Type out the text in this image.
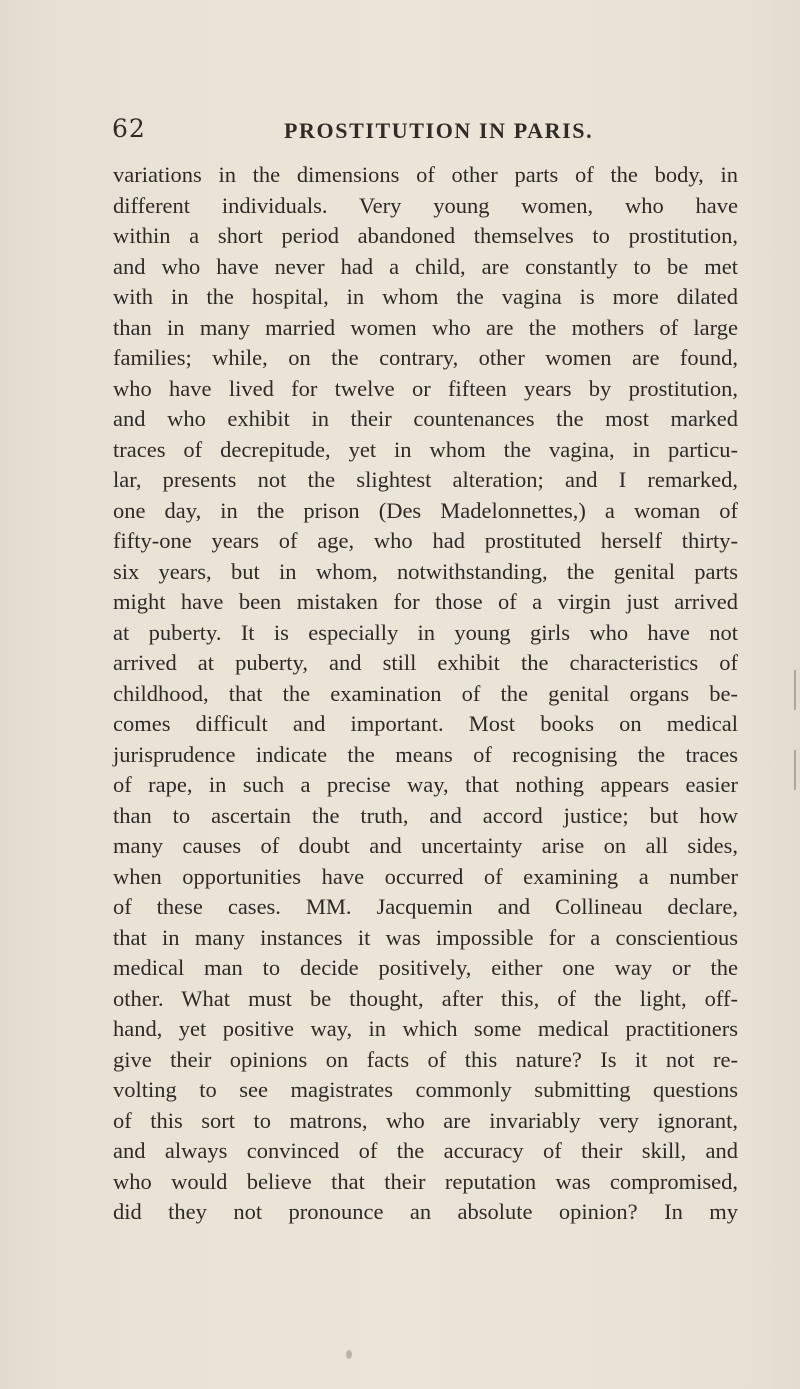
62	PROSTITUTION IN PARIS.
variations in the dimensions of other parts of the body, in
different individuals. Very young women, who have
within a short period abandoned themselves to prostitution,
and who have never had a child, are constantly to be met
with in the hospital, in whom the vagina is more dilated
than in many married women who are the mothers of large
families; while, on the contrary, other women are found,
who have lived for twelve or fifteen years by prostitution,
and who exhibit in their countenances the most marked
traces of decrepitude, yet in whom the vagina, in particu-
lar, presents not the slightest alteration; and I remarked,
one day, in the prison (Des Madelonnettes,) a woman of
fifty-one years of age, who had prostituted herself thirty-
six years, but in whom, notwithstanding, the genital parts
might have been mistaken for those of a virgin just arrived
at puberty. It is especially in young girls who have not
arrived at puberty, and still exhibit the characteristics of
childhood, that the examination of the genital organs be-
comes difficult and important. Most books on medical
jurisprudence indicate the means of recognising the traces
of rape, in such a precise way, that nothing appears easier
than to ascertain the truth, and accord justice; but how
many causes of doubt and uncertainty arise on all sides,
when opportunities have occurred of examining a number
of these cases. MM. Jacquemin and Collineau declare,
that in many instances it was impossible for a conscientious
medical man to decide positively, either one way or the
other. What must be thought, after this, of the light, off-
hand, yet positive way, in which some medical practitioners
give their opinions on facts of this nature? Is it not re-
volting to see magistrates commonly submitting questions
of this sort to matrons, who are invariably very ignorant,
and always convinced of the accuracy of their skill, and
who would believe that their reputation was compromised,
did they not pronounce an absolute opinion? In my
